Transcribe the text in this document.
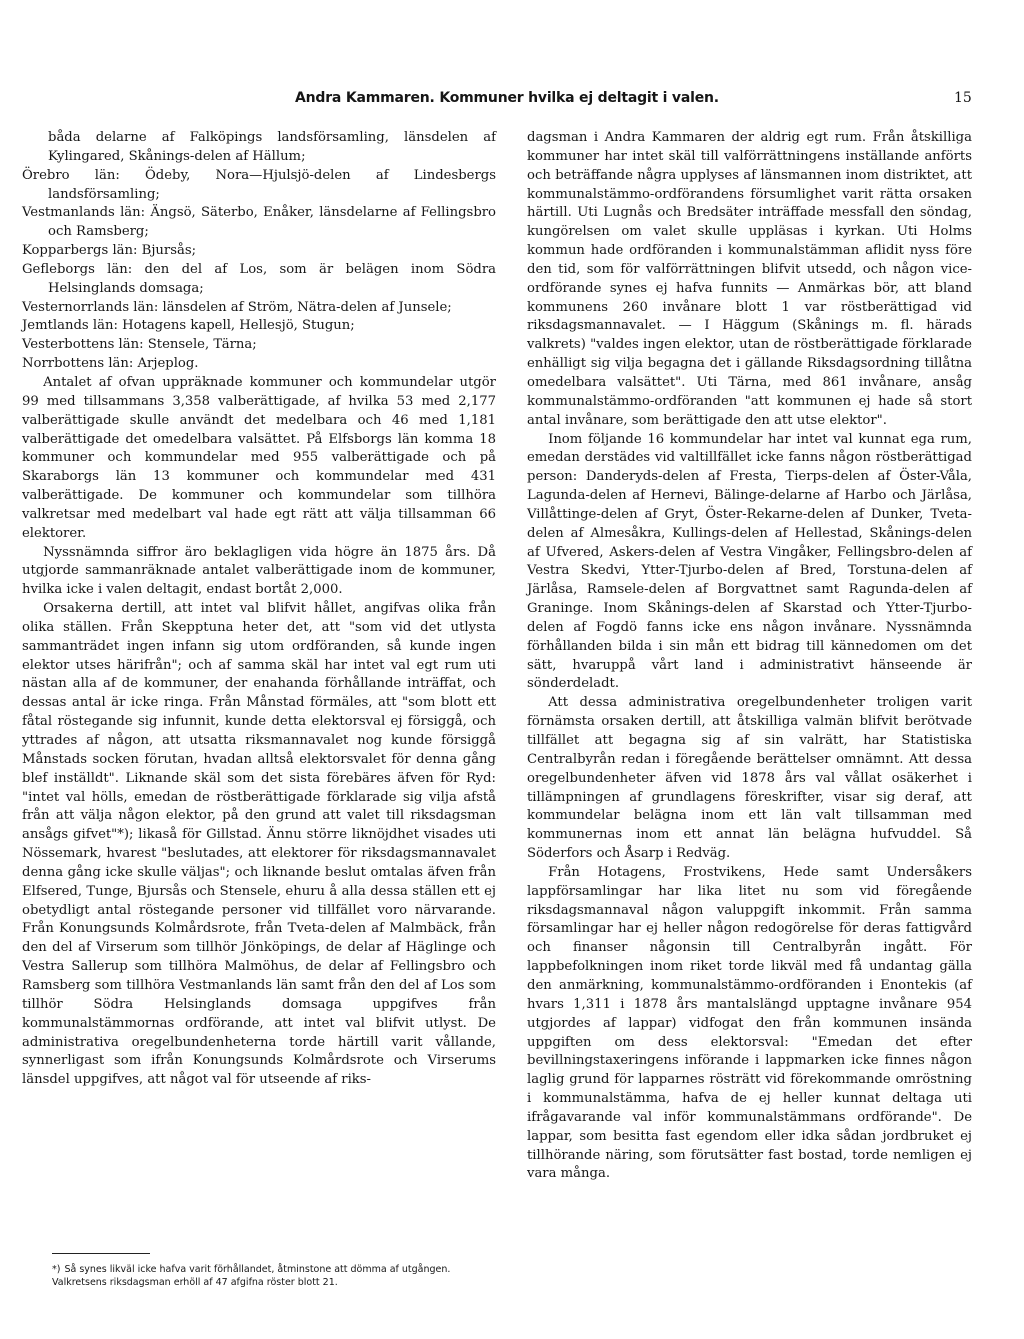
Andra Kammaren. Kommuner hvilka ej deltagit i valen.	15

båda delarne af Falköpings landsförsamling, länsdelen af Kylingared, Skånings-delen af Hällum;

Örebro län: Ödeby, Nora—Hjulsjö-delen af Lindesbergs landsförsamling;

Vestmanlands län: Ängsö, Säterbo, Enåker, länsdelarne af Fellingsbro och Ramsberg;

Kopparbergs län: Bjursås;

Gefleborgs län: den del af Los, som är belägen inom Södra Helsinglands domsaga;

Vesternorrlands län: länsdelen af Ström, Nätra-delen af Junsele;

Jemtlands län: Hotagens kapell, Hellesjö, Stugun;

Vesterbottens län: Stensele, Tärna;

Norrbottens län: Arjeplog.

Antalet af ofvan uppräknade kommuner och kommundelar utgör 99 med tillsammans 3,358 valberättigade, af hvilka 53 med 2,177 valberättigade skulle användt det medelbara och 46 med 1,181 valberättigade det omedelbara valsättet. På Elfsborgs län komma 18 kommuner och kommundelar med 955 valberättigade och på Skaraborgs län 13 kommuner och kommundelar med 431 valberättigade. De kommuner och kommundelar som tillhöra valkretsar med medelbart val hade egt rätt att välja tillsamman 66 elektorer.

Nyssnämnda siffror äro beklagligen vida högre än 1875 års. Då utgjorde sammanräknade antalet valberättigade inom de kommuner, hvilka icke i valen deltagit, endast bortåt 2,000.

Orsakerna dertill, att intet val blifvit hållet, angifvas olika från olika ställen. Från Skepptuna heter det, att "som vid det utlysta sammanträdet ingen infann sig utom ordföranden, så kunde ingen elektor utses härifrån"; och af samma skäl har intet val egt rum uti nästan alla af de kommuner, der enahanda förhållande inträffat, och dessas antal är icke ringa. Från Månstad förmäles, att "som blott ett fåtal röstegande sig infunnit, kunde detta elektorsval ej försiggå, och yttrades af någon, att utsatta riksmannavalet nog kunde försiggå Månstads socken förutan, hvadan alltså elektorsvalet för denna gång blef inställdt". Liknande skäl som det sista förebäres äfven för Ryd: "intet val hölls, emedan de röstberättigade förklarade sig vilja afstå från att välja någon elektor, på den grund att valet till riksdagsman ansågs gifvet"*); likaså för Gillstad. Ännu större liknöjdhet visades uti Nössemark, hvarest "beslutades, att elektorer för riksdagsmannavalet denna gång icke skulle väljas"; och liknande beslut omtalas äfven från Elfsered, Tunge, Bjursås och Stensele, ehuru å alla dessa ställen ett ej obetydligt antal röstegande personer vid tillfället voro närvarande. Från Konungsunds Kolmårdsrote, från Tveta-delen af Malmbäck, från den del af Virserum som tillhör Jönköpings, de delar af Häglinge och Vestra Sallerup som tillhöra Malmöhus, de delar af Fellingsbro och Ramsberg som tillhöra Vestmanlands län samt från den del af Los som tillhör Södra Helsinglands domsaga uppgifves från kommunalstämmornas ordförande, att intet val blifvit utlyst. De administrativa oregelbundenheterna torde härtill varit vållande, synnerligast som ifrån Konungsunds Kolmårdsrote och Virserums länsdel uppgifves, att något val för utseende af riks-

*) Så synes likväl icke hafva varit förhållandet, åtminstone att dömma af utgången. Valkretsens riksdagsman erhöll af 47 afgifna röster blott 21.

dagsman i Andra Kammaren der aldrig egt rum. Från åtskilliga kommuner har intet skäl till valförrättningens inställande anförts och beträffande några upplyses af länsmannen inom distriktet, att kommunalstämmo-ordförandens försumlighet varit rätta orsaken härtill. Uti Lugnås och Bredsäter inträffade messfall den söndag, kungörelsen om valet skulle uppläsas i kyrkan. Uti Holms kommun hade ordföranden i kommunalstämman aflidit nyss före den tid, som för valförrättningen blifvit utsedd, och någon vice-ordförande synes ej hafva funnits — Anmärkas bör, att bland kommunens 260 invånare blott 1 var röstberättigad vid riksdagsmannavalet. — I Häggum (Skånings m. fl. härads valkrets) "valdes ingen elektor, utan de röstberättigade förklarade enhälligt sig vilja begagna det i gällande Riksdagsordning tillåtna omedelbara valsättet". Uti Tärna, med 861 invånare, ansåg kommunalstämmo-ordföranden "att kommunen ej hade så stort antal invånare, som berättigade den att utse elektor".

Inom följande 16 kommundelar har intet val kunnat ega rum, emedan derstädes vid valtillfället icke fanns någon röstberättigad person: Danderyds-delen af Fresta, Tierps-delen af Öster-Våla, Lagunda-delen af Hernevi, Bälinge-delarne af Harbo och Järlåsa, Villåttinge-delen af Gryt, Öster-Rekarne-delen af Dunker, Tveta-delen af Almesåkra, Kullings-delen af Hellestad, Skånings-delen af Ufvered, Askers-delen af Vestra Vingåker, Fellingsbro-delen af Vestra Skedvi, Ytter-Tjurbo-delen af Bred, Torstuna-delen af Järlåsa, Ramsele-delen af Borgvattnet samt Ragunda-delen af Graninge. Inom Skånings-delen af Skarstad och Ytter-Tjurbo-delen af Fogdö fanns icke ens någon invånare. Nyssnämnda förhållanden bilda i sin mån ett bidrag till kännedomen om det sätt, hvaruppå vårt land i administrativt hänseende är sönderdeladt.

Att dessa administrativa oregelbundenheter troligen varit förnämsta orsaken dertill, att åtskilliga valmän blifvit berötvade tillfället att begagna sig af sin valrätt, har Statistiska Centralbyrån redan i föregående berättelser omnämnt. Att dessa oregelbundenheter äfven vid 1878 års val vållat osäkerhet i tillämpningen af grundlagens föreskrifter, visar sig deraf, att kommundelar belägna inom ett län valt tillsamman med kommunernas inom ett annat län belägna hufvuddel. Så Söderfors och Åsarp i Redväg.

Från Hotagens, Frostvikens, Hede samt Undersåkers lappförsamlingar har lika litet nu som vid föregående riksdagsmannaval någon valuppgift inkommit. Från samma församlingar har ej heller någon redogörelse för deras fattigvård och finanser någonsin till Centralbyrån ingått. För lappbefolkningen inom riket torde likväl med få undantag gälla den anmärkning, kommunalstämmo-ordföranden i Enontekis (af hvars 1,311 i 1878 års mantalslängd upptagne invånare 954 utgjordes af lappar) vidfogat den från kommunen insända uppgiften om dess elektorsval: "Emedan det efter bevillningstaxeringens införande i lappmarken icke finnes någon laglig grund för lapparnes rösträtt vid förekommande omröstning i kommunalstämma, hafva de ej heller kunnat deltaga uti ifrågavarande val inför kommunalstämmans ordförande". De lappar, som besitta fast egendom eller idka sådan jordbruket ej tillhörande näring, som förutsätter fast bostad, torde nemligen ej vara många.
